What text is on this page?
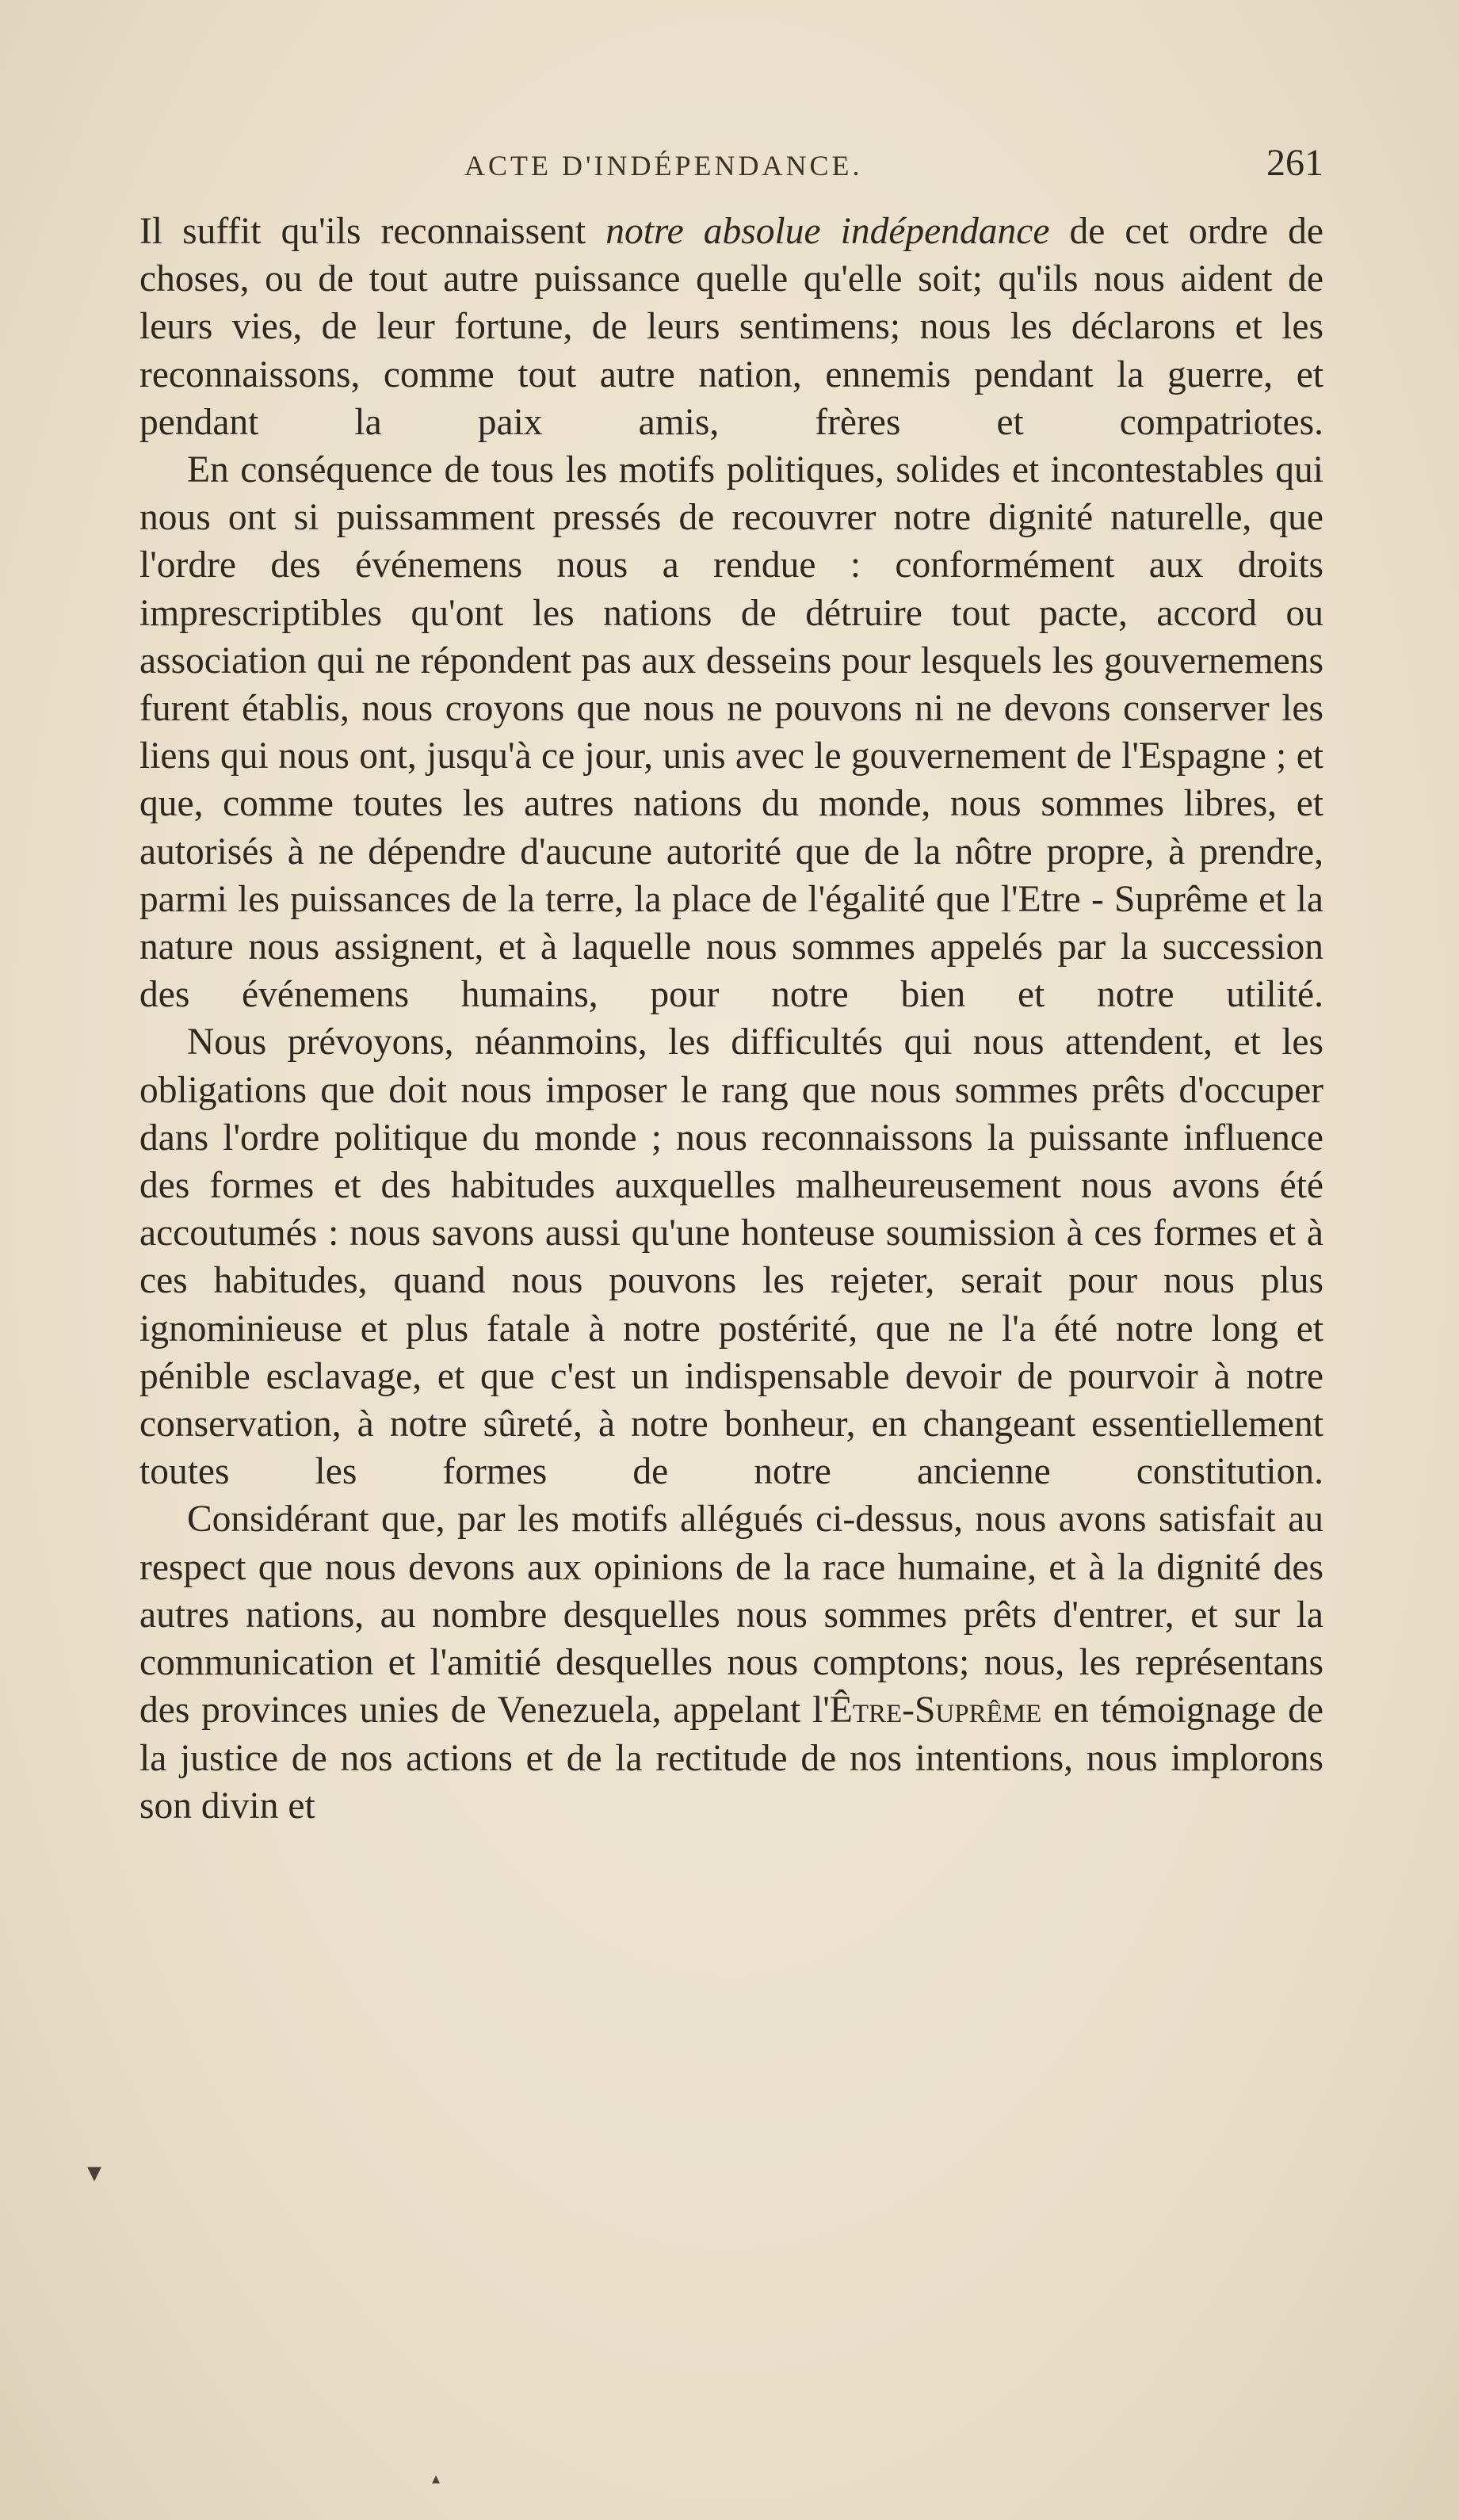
ACTE D'INDÉPENDANCE.	261

Il suffit qu'ils reconnaissent notre absolue indépendance de cet ordre de choses, ou de tout autre puissance quelle qu'elle soit; qu'ils nous aident de leurs vies, de leur fortune, de leurs sentimens; nous les déclarons et les reconnaissons, comme tout autre nation, ennemis pendant la guerre, et pendant la paix amis, frères et compatriotes.

En conséquence de tous les motifs politiques, solides et incontestables qui nous ont si puissamment pressés de recouvrer notre dignité naturelle, que l'ordre des événemens nous a rendue : conformément aux droits imprescriptibles qu'ont les nations de détruire tout pacte, accord ou association qui ne répondent pas aux desseins pour lesquels les gouvernemens furent établis, nous croyons que nous ne pouvons ni ne devons conserver les liens qui nous ont, jusqu'à ce jour, unis avec le gouvernement de l'Espagne ; et que, comme toutes les autres nations du monde, nous sommes libres, et autorisés à ne dépendre d'aucune autorité que de la nôtre propre, à prendre, parmi les puissances de la terre, la place de l'égalité que l'Etre - Suprême et la nature nous assignent, et à laquelle nous sommes appelés par la succession des événemens humains, pour notre bien et notre utilité.

Nous prévoyons, néanmoins, les difficultés qui nous attendent, et les obligations que doit nous imposer le rang que nous sommes prêts d'occuper dans l'ordre politique du monde ; nous reconnaissons la puissante influence des formes et des habitudes auxquelles malheureusement nous avons été accoutumés : nous savons aussi qu'une honteuse soumission à ces formes et à ces habitudes, quand nous pouvons les rejeter, serait pour nous plus ignominieuse et plus fatale à notre postérité, que ne l'a été notre long et pénible esclavage, et que c'est un indispensable devoir de pourvoir à notre conservation, à notre sûreté, à notre bonheur, en changeant essentiellement toutes les formes de notre ancienne constitution.

Considérant que, par les motifs allégués ci-dessus, nous avons satisfait au respect que nous devons aux opinions de la race humaine, et à la dignité des autres nations, au nombre desquelles nous sommes prêts d'entrer, et sur la communication et l'amitié desquelles nous comptons; nous, les représentans des provinces unies de Venezuela, appelant l'Être-Suprême en témoignage de la justice de nos actions et de la rectitude de nos intentions, nous implorons son divin et

▾
▴
